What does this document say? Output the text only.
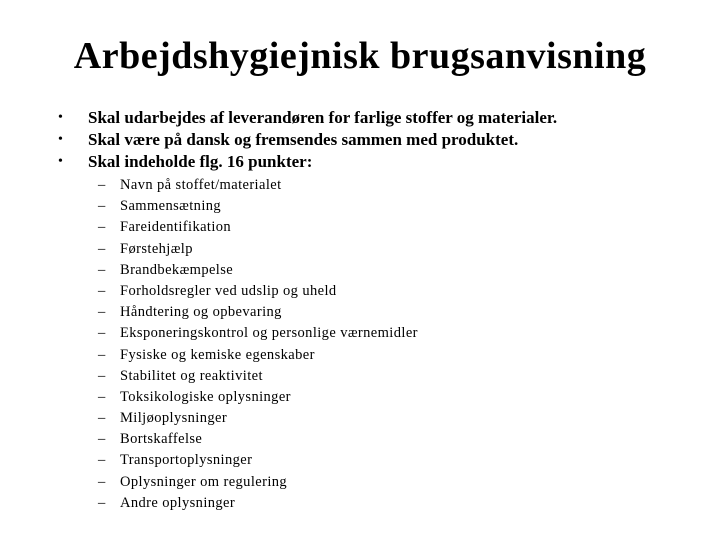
Arbejdshygiejnisk brugsanvisning
•	Skal udarbejdes af leverandøren for farlige stoffer og materialer.
•	Skal være på dansk og fremsendes sammen med produktet.
•	Skal indeholde flg. 16 punkter:
– Navn på stoffet/materialet
– Sammensætning
– Fareidentifikation
– Førstehjælp
– Brandbekæmpelse
– Forholdsregler ved udslip og uheld
– Håndtering og opbevaring
– Eksponeringskontrol og personlige værnemidler
– Fysiske og kemiske egenskaber
– Stabilitet og reaktivitet
– Toksikologiske oplysninger
– Miljøoplysninger
– Bortskaffelse
– Transportoplysninger
– Oplysninger om regulering
– Andre oplysninger
